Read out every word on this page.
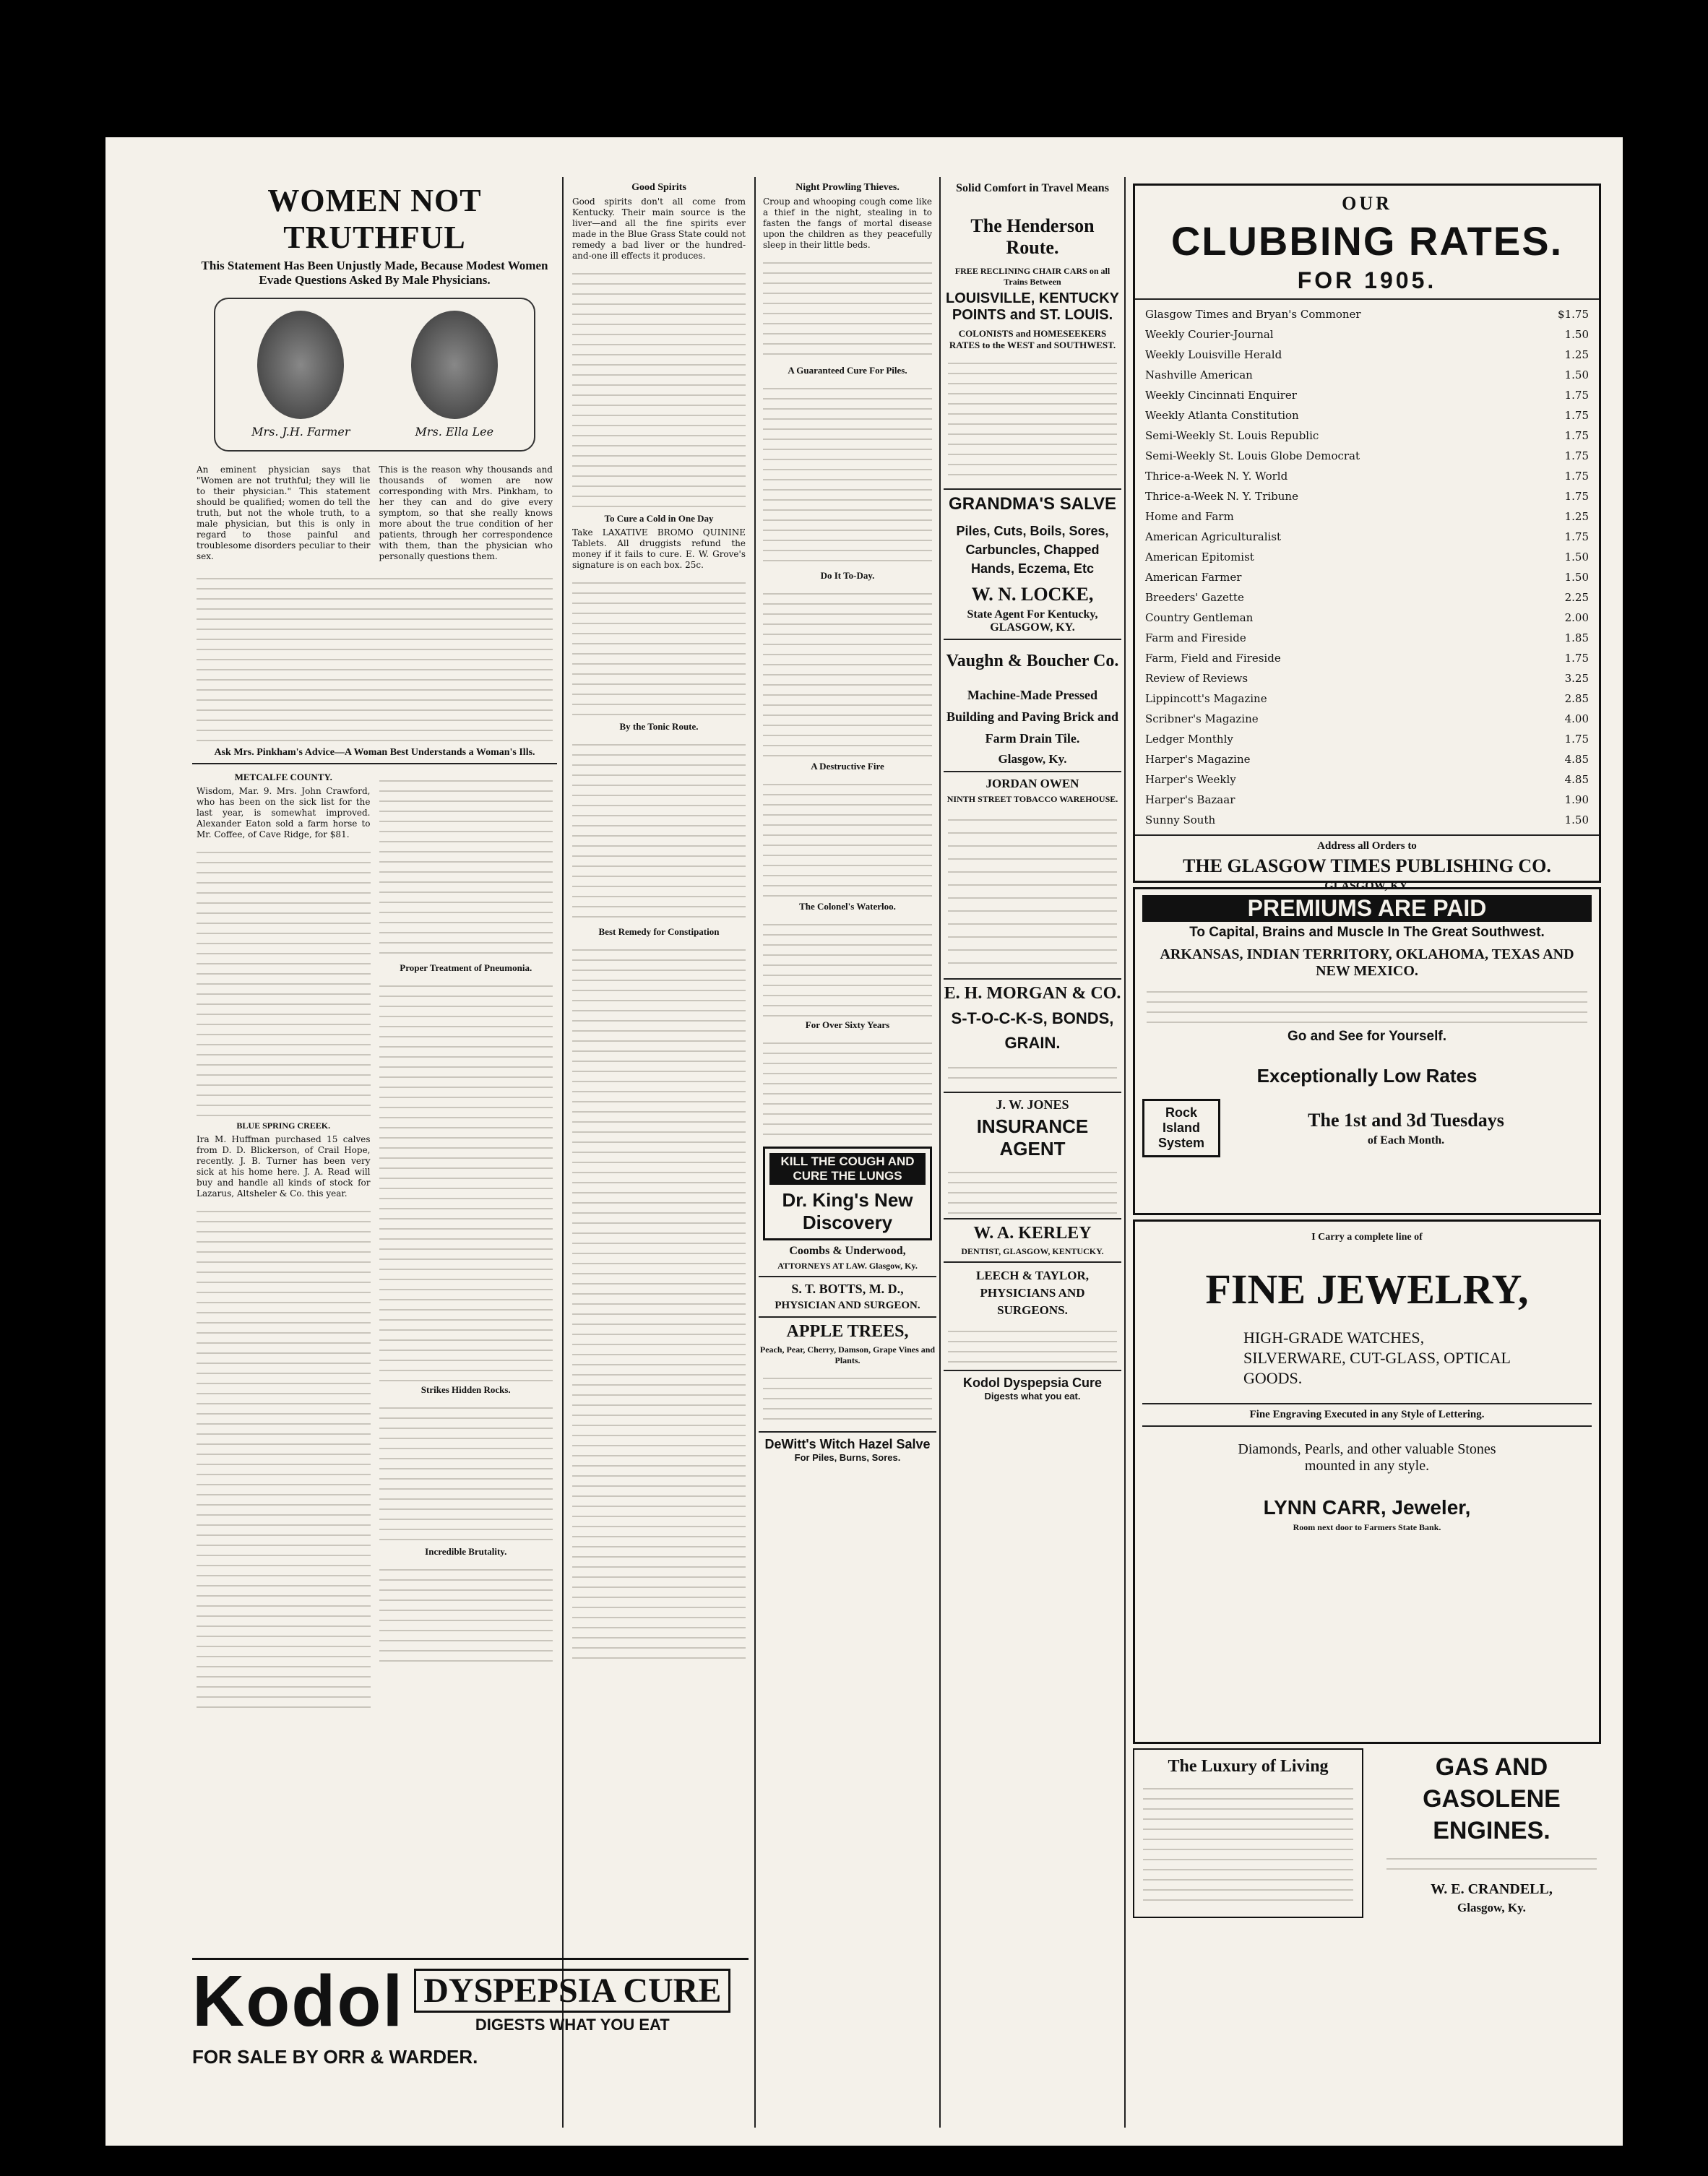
WOMEN NOT TRUTHFUL
This Statement Has Been Unjustly Made, Because Modest Women Evade Questions Asked By Male Physicians.
Mrs. J.H. Farmer	Mrs. Ella Lee
An eminent physician says that "Women are not truthful; they will lie to their physician." This statement should be qualified; women do tell the truth, but not the whole truth, to a male physician, but this is only in regard to those painful and troublesome disorders peculiar to their sex.
This is the reason why thousands and thousands of women are now corresponding with Mrs. Pinkham, to her they can and do give every symptom, so that she really knows more about the true condition of her patients, through her correspondence with them, than the physician who personally questions them.
Ask Mrs. Pinkham's Advice—A Woman Best Understands a Woman's Ills.
METCALFE COUNTY.
Wisdom, Mar. 9. Mrs. John Crawford, who has been on the sick list for the last year, is somewhat improved. Alexander Eaton sold a farm horse to Mr. Coffee, of Cave Ridge, for $81.
BLUE SPRING CREEK.
Ira M. Huffman purchased 15 calves from D. D. Blickerson, of Crail Hope, recently. J. B. Turner has been very sick at his home here. J. A. Read will buy and handle all kinds of stock for Lazarus, Altsheler & Co. this year.
Proper Treatment of Pneumonia.
Strikes Hidden Rocks.
Incredible Brutality.
Good Spirits
Good spirits don't all come from Kentucky. Their main source is the liver—and all the fine spirits ever made in the Blue Grass State could not remedy a bad liver or the hundred-and-one ill effects it produces.
To Cure a Cold in One Day
Take LAXATIVE BROMO QUININE Tablets. All druggists refund the money if it fails to cure. E. W. Grove's signature is on each box. 25c.
By the Tonic Route.
Best Remedy for Constipation
Night Prowling Thieves.
Croup and whooping cough come like a thief in the night, stealing in to fasten the fangs of mortal disease upon the children as they peacefully sleep in their little beds.
A Guaranteed Cure For Piles.
Do It To-Day.
A Destructive Fire
The Colonel's Waterloo.
For Over Sixty Years
KILL THE COUGH AND CURE THE LUNGS
Dr. King's New Discovery
Coombs & Underwood,
ATTORNEYS AT LAW. Glasgow, Ky.
S. T. BOTTS, M. D.,
PHYSICIAN AND SURGEON.
APPLE TREES,
Peach, Pear, Cherry, Damson, Grape Vines and Plants.
DeWitt's Witch Hazel Salve
For Piles, Burns, Sores.
Solid Comfort in Travel Means
The Henderson Route.
FREE RECLINING CHAIR CARS on all Trains Between
LOUISVILLE, KENTUCKY POINTS and ST. LOUIS.
COLONISTS and HOMESEEKERS RATES to the WEST and SOUTHWEST.
GRANDMA'S SALVE
Piles, Cuts, Boils, Sores, Carbuncles, Chapped Hands, Eczema, Etc
W. N. LOCKE,
State Agent For Kentucky, GLASGOW, KY.
Vaughn & Boucher Co.
Machine-Made Pressed Building and Paving Brick and Farm Drain Tile.
Glasgow, Ky.
JORDAN OWEN
NINTH STREET TOBACCO WAREHOUSE.
E. H. MORGAN & CO.
S-T-O-C-K-S, BONDS, GRAIN.
J. W. JONES
INSURANCE AGENT
W. A. KERLEY
DENTIST, GLASGOW, KENTUCKY.
LEECH & TAYLOR, PHYSICIANS AND SURGEONS.
Kodol Dyspepsia Cure
Digests what you eat.
OUR
CLUBBING RATES.
FOR 1905.
Glasgow Times and Bryan's Commoner	$1.75
Weekly Courier-Journal	1.50
Weekly Louisville Herald	1.25
Nashville American	1.50
Weekly Cincinnati Enquirer	1.75
Weekly Atlanta Constitution	1.75
Semi-Weekly St. Louis Republic	1.75
Semi-Weekly St. Louis Globe Democrat	1.75
Thrice-a-Week N. Y. World	1.75
Thrice-a-Week N. Y. Tribune	1.75
Home and Farm	1.25
American Agriculturalist	1.75
American Epitomist	1.50
American Farmer	1.50
Breeders' Gazette	2.25
Country Gentleman	2.00
Farm and Fireside	1.85
Farm, Field and Fireside	1.75
Review of Reviews	3.25
Lippincott's Magazine	2.85
Scribner's Magazine	4.00
Ledger Monthly	1.75
Harper's Magazine	4.85
Harper's Weekly	4.85
Harper's Bazaar	1.90
Sunny South	1.50
Address all Orders to
THE GLASGOW TIMES PUBLISHING CO.
GLASGOW, KY.
PREMIUMS ARE PAID
To Capital, Brains and Muscle In The Great Southwest.
ARKANSAS, INDIAN TERRITORY, OKLAHOMA, TEXAS AND NEW MEXICO.
Go and See for Yourself.
Exceptionally Low Rates
Rock Island System
The 1st and 3d Tuesdays
of Each Month.
I Carry a complete line of
FINE JEWELRY,
HIGH-GRADE WATCHES, SILVERWARE, CUT-GLASS, OPTICAL GOODS.
Fine Engraving Executed in any Style of Lettering.
Diamonds, Pearls, and other valuable Stones mounted in any style.
LYNN CARR, Jeweler,
Room next door to Farmers State Bank.
The Luxury of Living	GAS AND GASOLENE ENGINES.
W. E. CRANDELL,
Glasgow, Ky.
Kodol DYSPEPSIA CURE
DIGESTS WHAT YOU EAT
FOR SALE BY ORR & WARDER.
